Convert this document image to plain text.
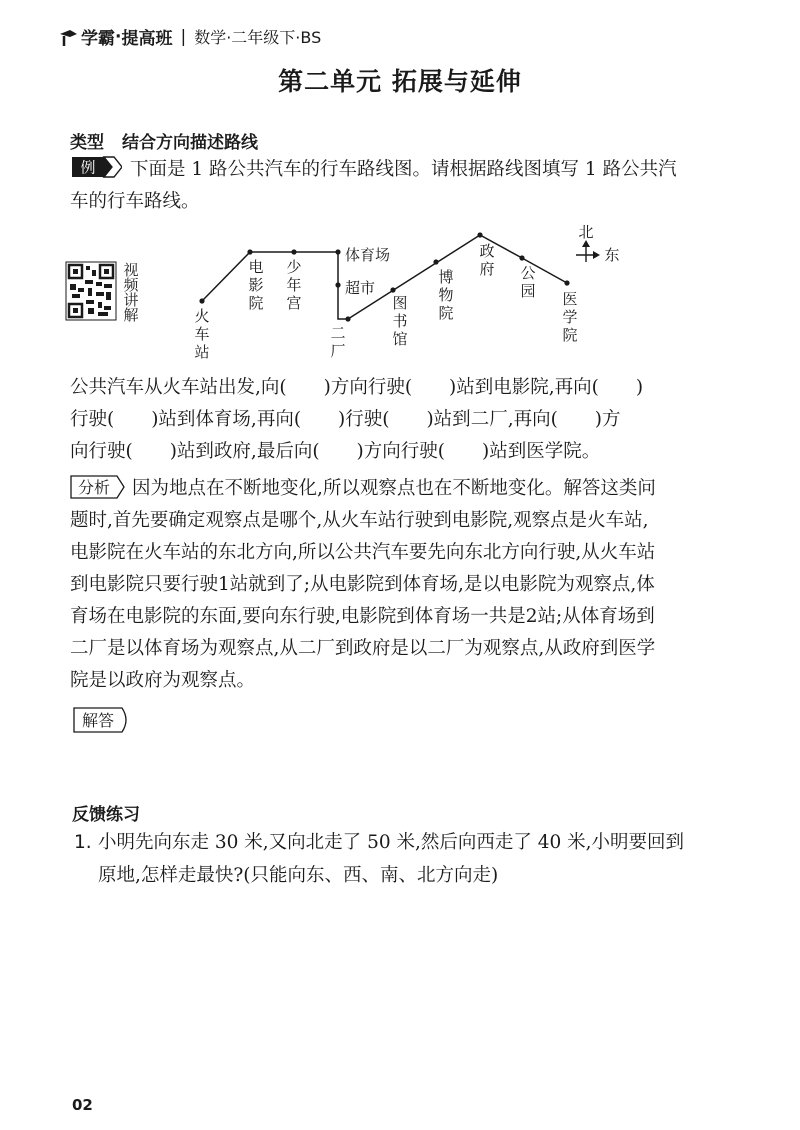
学霸 · 提高班 | 数学·二年级下·BS
第二单元 拓展与延伸
类型 结合方向描述路线
例 下面是 1 路公共汽车的行车路线图。请根据路线图填写 1 路公共汽
车的行车路线。
视
频
讲
解	火
车
站
电
影
院
少
年
宫
体育场
超市
二
厂
图
书
馆
博
物
院
政
府 公
园 医
学
院
北
东
公共汽车从火车站出发,向(　　)方向行驶(　　)站到电影院,再向(　　)
行驶(　　)站到体育场,再向(　　)行驶(　　)站到二厂,再向(　　)方
向行驶(　　)站到政府,最后向(　　)方向行驶(　　)站到医学院。
分析 因为地点在不断地变化,所以观察点也在不断地变化。解答这类问
题时,首先要确定观察点是哪个,从火车站行驶到电影院,观察点是火车站,
电影院在火车站的东北方向,所以公共汽车要先向东北方向行驶,从火车站
到电影院只要行驶1站就到了;从电影院到体育场,是以电影院为观察点,体
育场在电影院的东面,要向东行驶,电影院到体育场一共是2站;从体育场到
二厂是以体育场为观察点,从二厂到政府是以二厂为观察点,从政府到医学
院是以政府为观察点。
解答
反馈练习
1. 小明先向东走 30 米,又向北走了 50 米,然后向西走了 40 米,小明要回到
原地,怎样走最快?(只能向东、西、南、北方向走)
02
